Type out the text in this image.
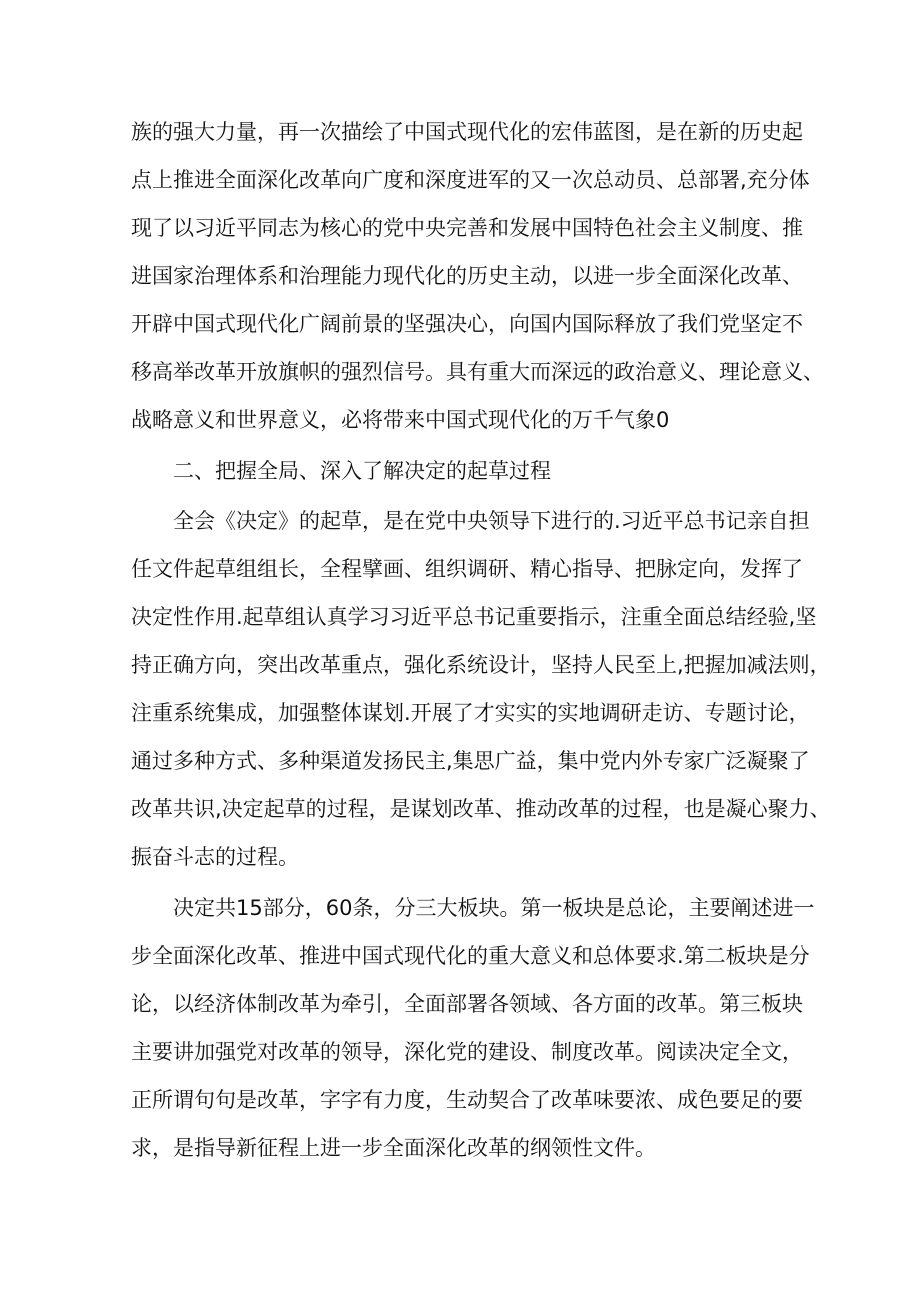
族的强大力量，再一次描绘了中国式现代化的宏伟蓝图，是在新的历史起
点上推进全面深化改革向广度和深度进军的又一次总动员、总部署,充分体
现了以习近平同志为核心的党中央完善和发展中国特色社会主义制度、推
进国家治理体系和治理能力现代化的历史主动，以进一步全面深化改革、
开辟中国式现代化广阔前景的坚强决心，向国内国际释放了我们党坚定不
移高举改革开放旗帜的强烈信号。具有重大而深远的政治意义、理论意义、
战略意义和世界意义，必将带来中国式现代化的万千气象0
二、把握全局、深入了解决定的起草过程
全会《决定》的起草，是在党中央领导下进行的.习近平总书记亲自担
任文件起草组组长，全程擘画、组织调研、精心指导、把脉定向，发挥了
决定性作用.起草组认真学习习近平总书记重要指示，注重全面总结经验,坚
持正确方向，突出改革重点，强化系统设计，坚持人民至上,把握加减法则，
注重系统集成，加强整体谋划.开展了才实实的实地调研走访、专题讨论，
通过多种方式、多种渠道发扬民主,集思广益，集中党内外专家广泛凝聚了
改革共识,决定起草的过程，是谋划改革、推动改革的过程，也是凝心聚力、
振奋斗志的过程。
决定共15部分，60条，分三大板块。第一板块是总论，主要阐述进一
步全面深化改革、推进中国式现代化的重大意义和总体要求.第二板块是分
论，以经济体制改革为牵引，全面部署各领域、各方面的改革。第三板块
主要讲加强党对改革的领导，深化党的建设、制度改革。阅读决定全文，
正所谓句句是改革，字字有力度，生动契合了改革味要浓、成色要足的要
求，是指导新征程上进一步全面深化改革的纲领性文件。
